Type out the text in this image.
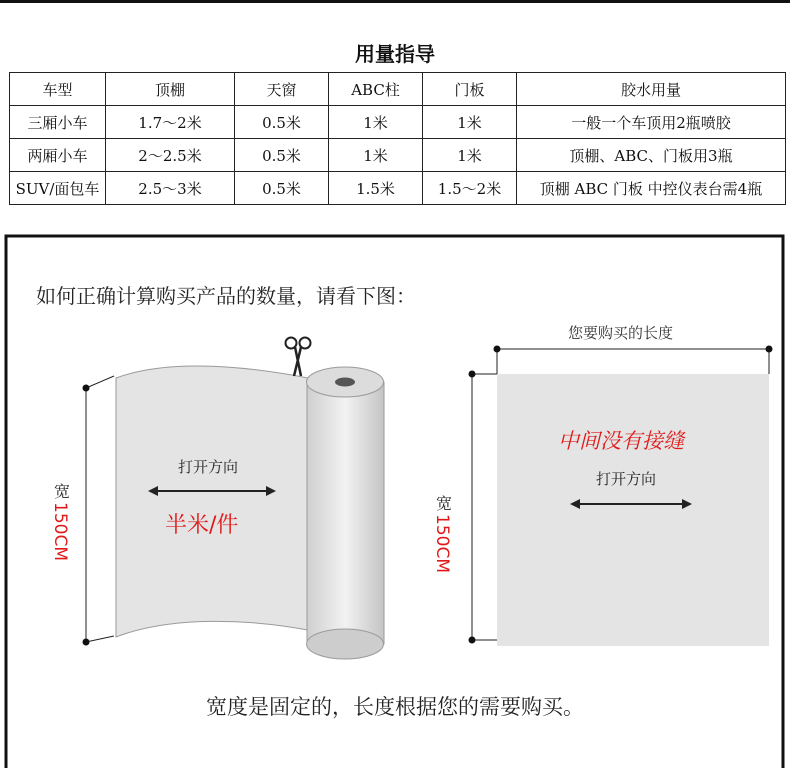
用量指导
车型	顶棚	天窗	ABC柱	门板	胶水用量
三厢小车	1.7～2米	0.5米	1米	1米	一般一个车顶用2瓶喷胶
两厢小车	2～2.5米	0.5米	1米	1米	顶棚、ABC、门板用3瓶
SUV/面包车	2.5～3米	0.5米	1.5米	1.5～2米	顶棚 ABC 门板 中控仪表台需4瓶
如何正确计算购买产品的数量，请看下图：
您要购买的长度
打开方向
半米/件
中间没有接缝
打开方向
宽
150CM	宽
150CM
宽度是固定的，长度根据您的需要购买。
